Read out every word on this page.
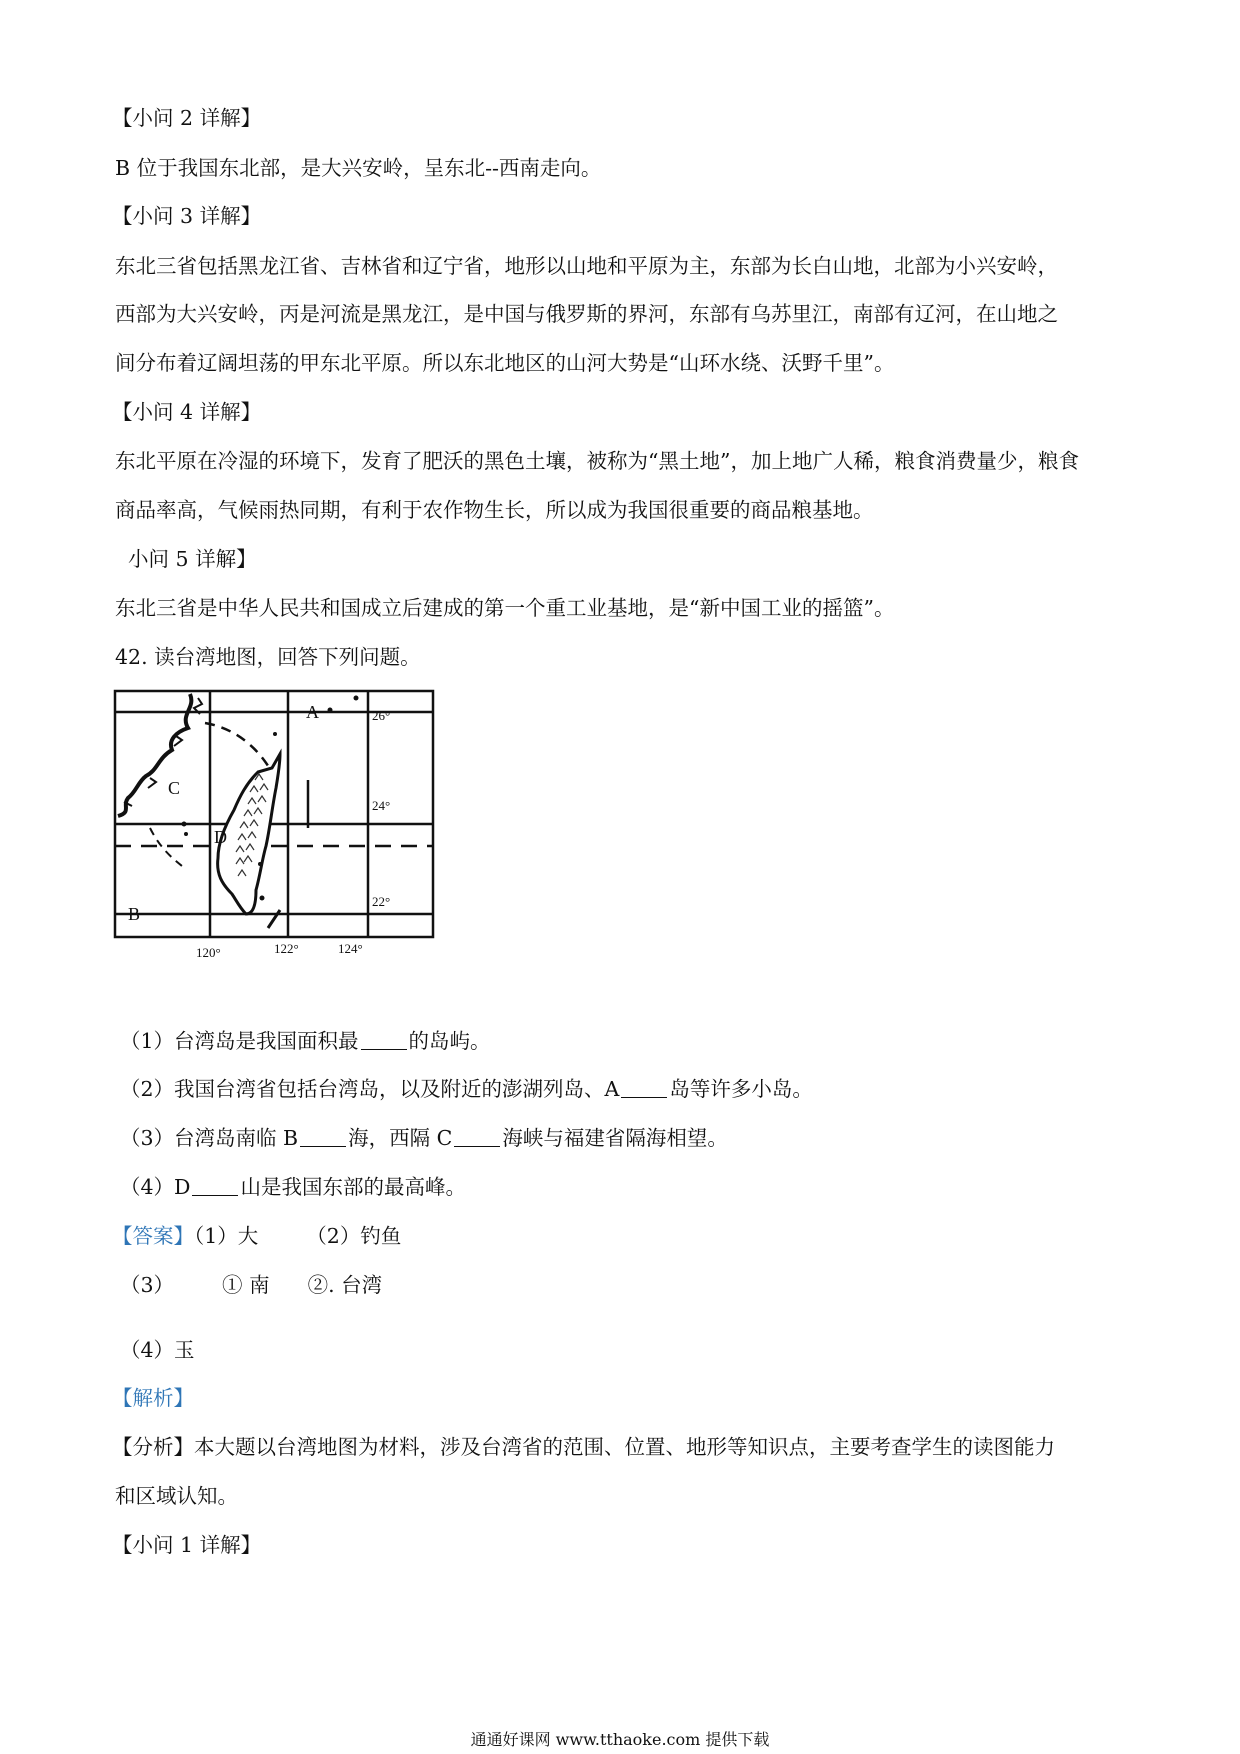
【小问 2 详解】
B 位于我国东北部，是大兴安岭，呈东北--西南走向。
【小问 3 详解】
东北三省包括黑龙江省、吉林省和辽宁省，地形以山地和平原为主，东部为长白山地，北部为小兴安岭，
西部为大兴安岭，丙是河流是黑龙江，是中国与俄罗斯的界河，东部有乌苏里江，南部有辽河，在山地之
间分布着辽阔坦荡的甲东北平原。所以东北地区的山河大势是“山环水绕、沃野千里”。
【小问 4 详解】
东北平原在冷湿的环境下，发育了肥沃的黑色土壤，被称为“黑土地”，加上地广人稀，粮食消费量少，粮食
商品率高，气候雨热同期，有利于农作物生长，所以成为我国很重要的商品粮基地。
小问 5 详解】
东北三省是中华人民共和国成立后建成的第一个重工业基地，是“新中国工业的摇篮”。
42. 读台湾地图，回答下列问题。
A
C
D
B
26°
24°
22°
120°	122°	124°
（1）台湾岛是我国面积最 的岛屿。
（2）我国台湾省包括台湾岛，以及附近的澎湖列岛、A 岛等许多小岛。
（3）台湾岛南临 B 海，西隔 C 海峡与福建省隔海相望。
（4）D 山是我国东部的最高峰。
【答案】（1）大 （2）钓鱼
（3） ① 南 ②. 台湾
（4）玉
【解析】
【分析】本大题以台湾地图为材料，涉及台湾省的范围、位置、地形等知识点，主要考查学生的读图能力
和区域认知。
【小问 1 详解】
通通好课网 www.tthaoke.com 提供下载
